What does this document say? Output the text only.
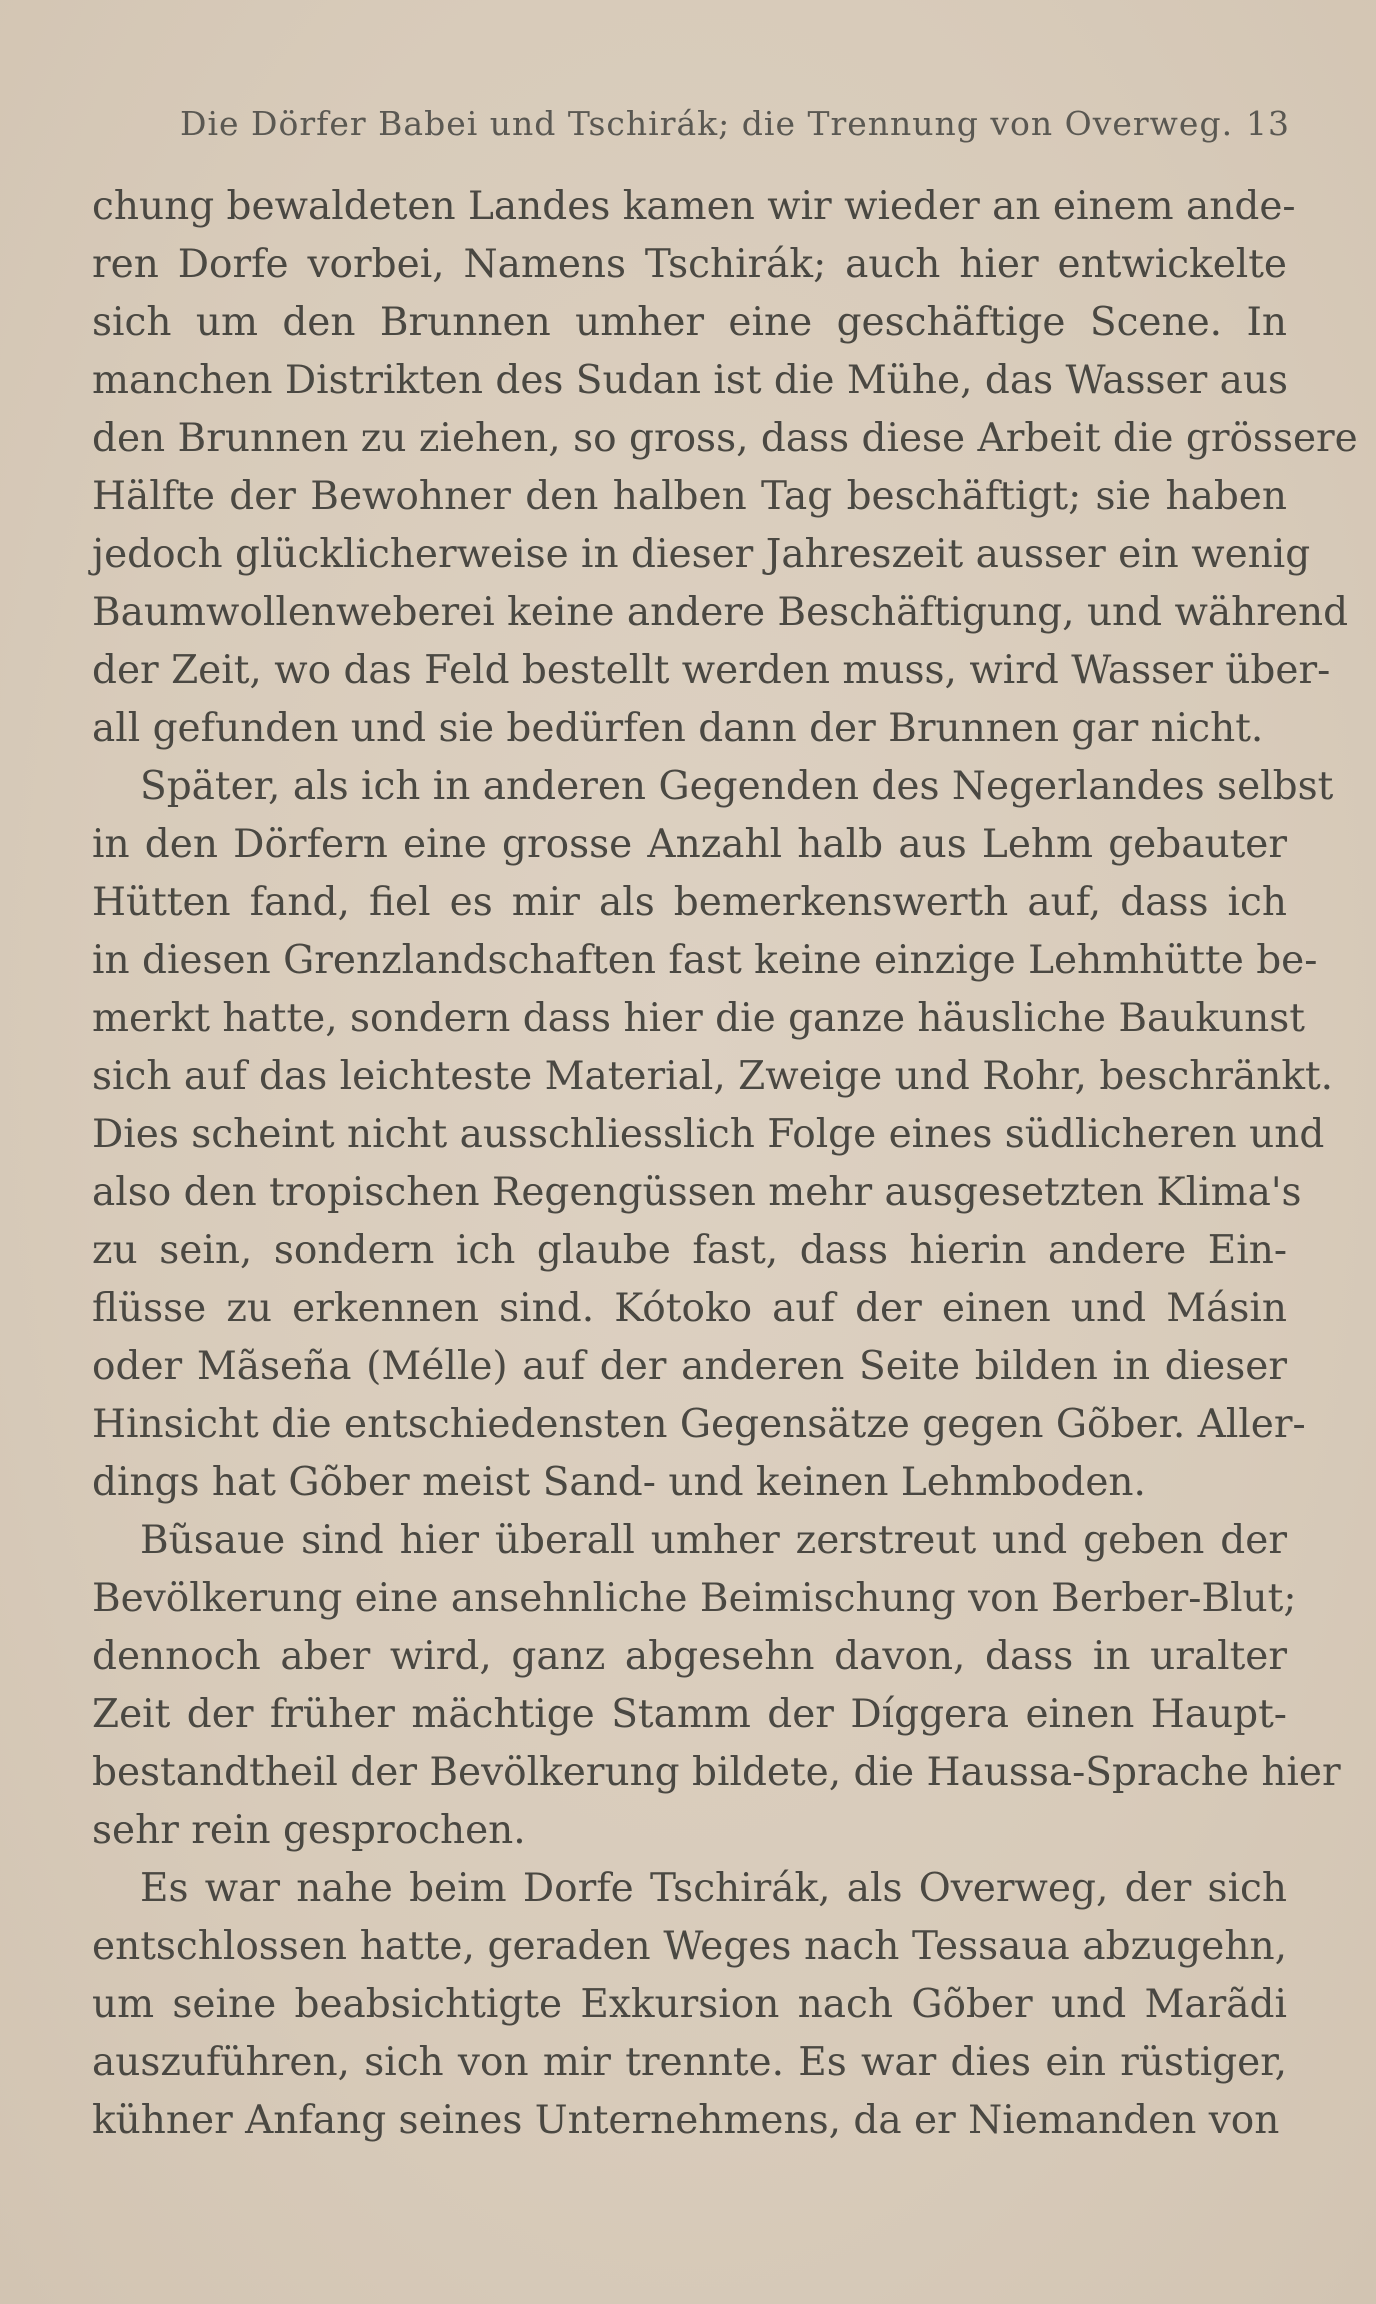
Die Dörfer Babei und Tschirák; die Trennung von Overweg. 13
chung bewaldeten Landes kamen wir wieder an einem ande-
ren Dorfe vorbei, Namens Tschirák; auch hier entwickelte
sich um den Brunnen umher eine geschäftige Scene. In
manchen Distrikten des Sudan ist die Mühe, das Wasser aus
den Brunnen zu ziehen, so gross, dass diese Arbeit die grössere
Hälfte der Bewohner den halben Tag beschäftigt; sie haben
jedoch glücklicherweise in dieser Jahreszeit ausser ein wenig
Baumwollenweberei keine andere Beschäftigung, und während
der Zeit, wo das Feld bestellt werden muss, wird Wasser über-
all gefunden und sie bedürfen dann der Brunnen gar nicht.
Später, als ich in anderen Gegenden des Negerlandes selbst
in den Dörfern eine grosse Anzahl halb aus Lehm gebauter
Hütten fand, fiel es mir als bemerkenswerth auf, dass ich
in diesen Grenzlandschaften fast keine einzige Lehmhütte be-
merkt hatte, sondern dass hier die ganze häusliche Baukunst
sich auf das leichteste Material, Zweige und Rohr, beschränkt.
Dies scheint nicht ausschliesslich Folge eines südlicheren und
also den tropischen Regengüssen mehr ausgesetzten Klima's
zu sein, sondern ich glaube fast, dass hierin andere Ein-
flüsse zu erkennen sind. Kótoko auf der einen und Másin
oder Mãseña (Mélle) auf der anderen Seite bilden in dieser
Hinsicht die entschiedensten Gegensätze gegen Gõber. Aller-
dings hat Gõber meist Sand- und keinen Lehmboden.
Bũsaue sind hier überall umher zerstreut und geben der
Bevölkerung eine ansehnliche Beimischung von Berber-Blut;
dennoch aber wird, ganz abgesehn davon, dass in uralter
Zeit der früher mächtige Stamm der Díggera einen Haupt-
bestandtheil der Bevölkerung bildete, die Haussa-Sprache hier
sehr rein gesprochen.
Es war nahe beim Dorfe Tschirák, als Overweg, der sich
entschlossen hatte, geraden Weges nach Tessaua abzugehn,
um seine beabsichtigte Exkursion nach Gõber und Marãdi
auszuführen, sich von mir trennte. Es war dies ein rüstiger,
kühner Anfang seines Unternehmens, da er Niemanden von
